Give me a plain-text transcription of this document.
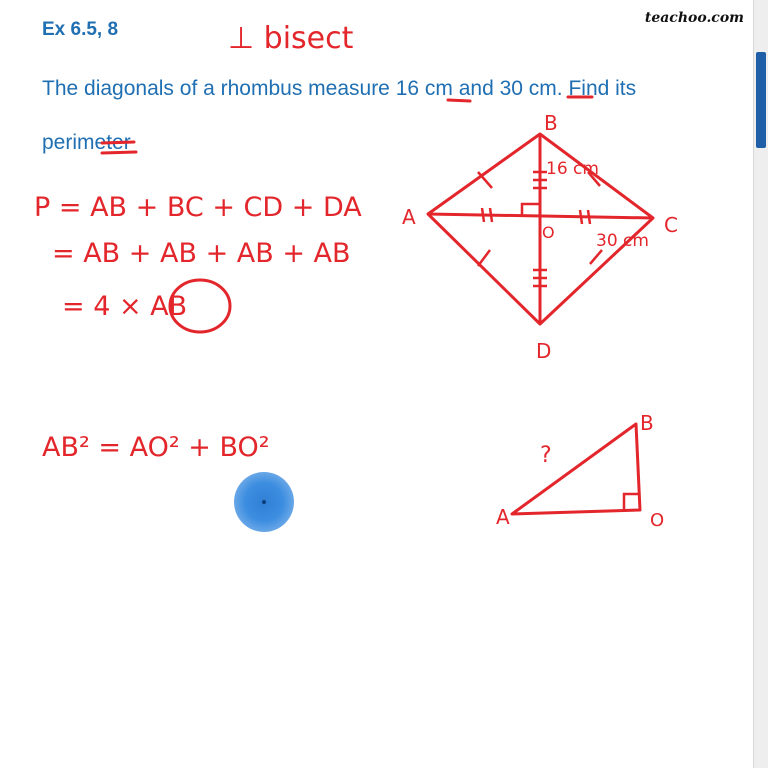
Ex 6.5, 8
teachoo.com
The diagonals of a rhombus measure 16 cm and 30 cm. Find its
perimeter
⊥ bisect
P = AB + BC + CD + DA
= AB + AB + AB + AB
= 4 × AB
A
B
C
D
O
16 cm
30 cm
AB² = AO² + BO²
A
B
O
?
